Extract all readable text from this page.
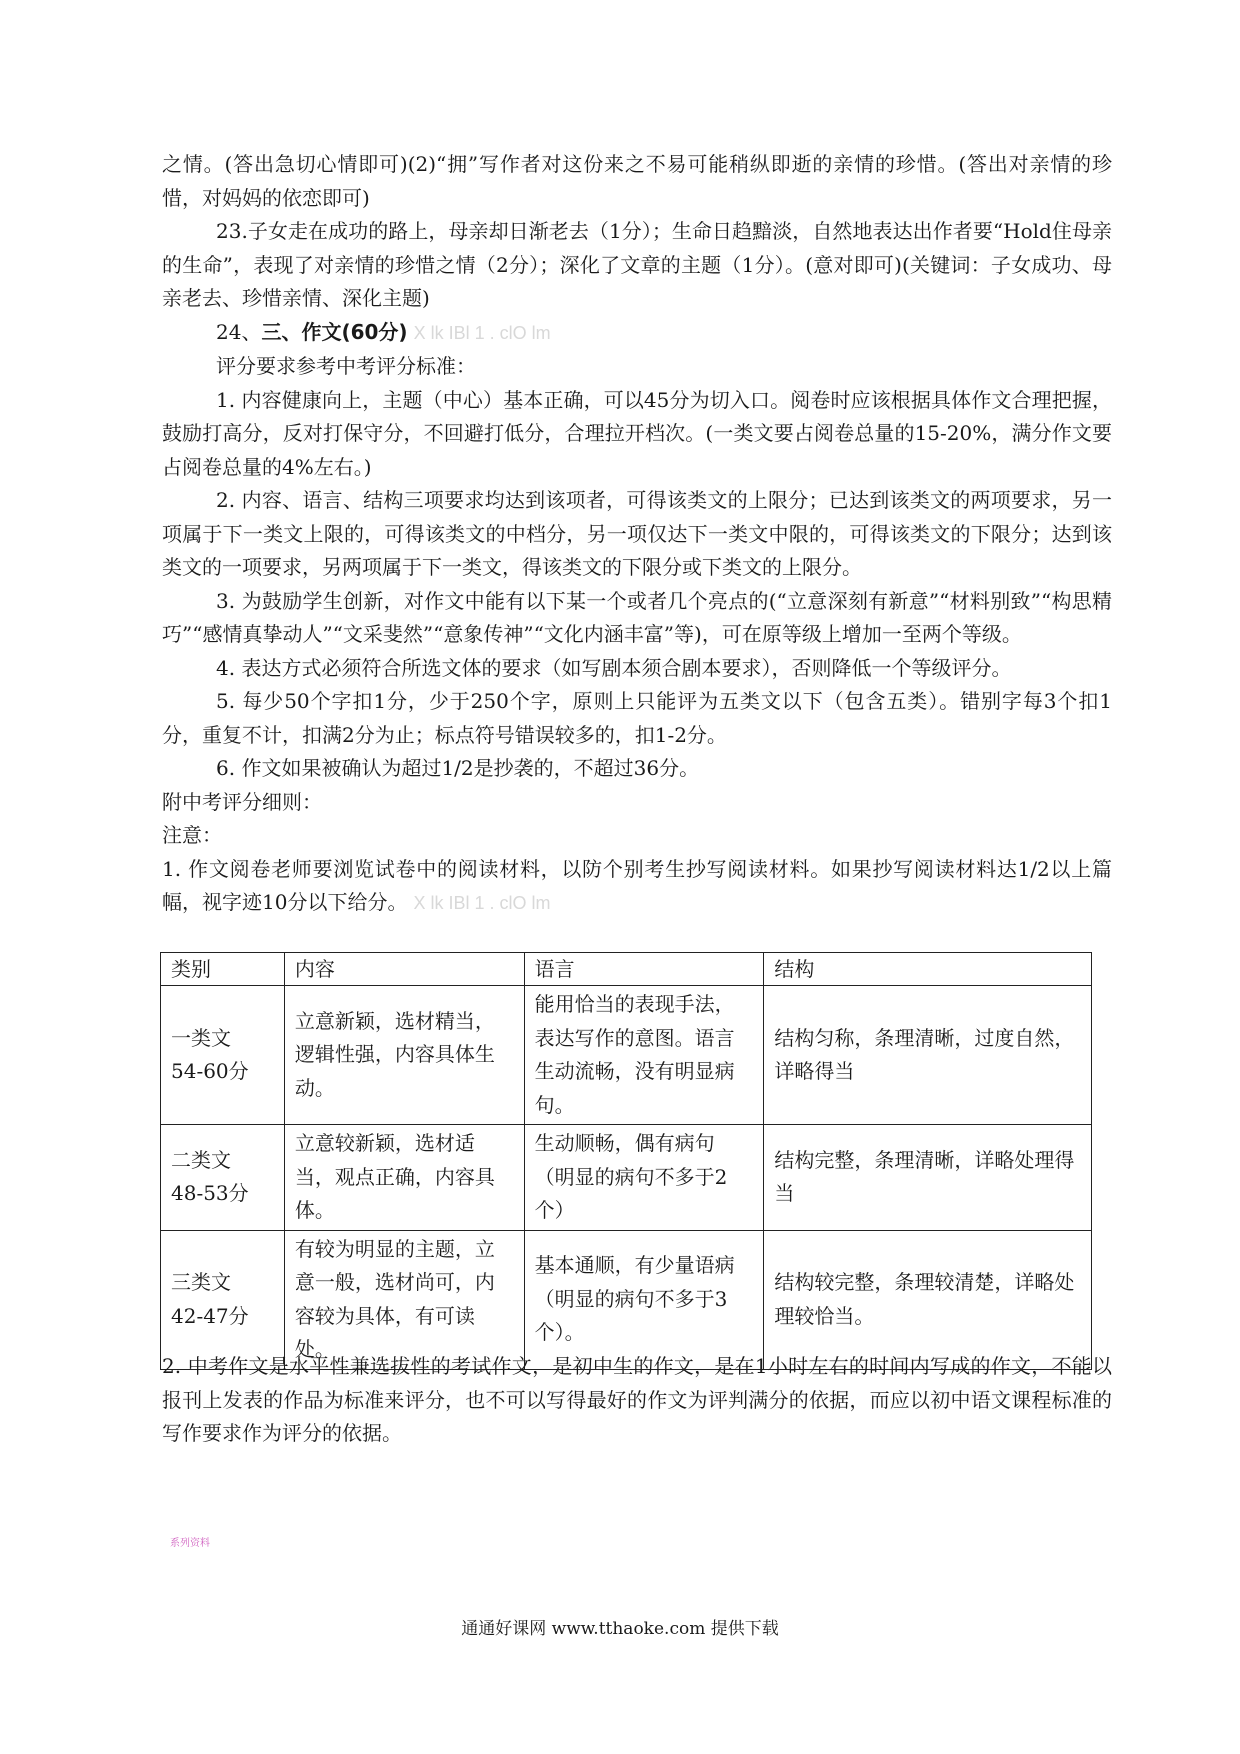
之情。(答出急切心情即可)(2)“拥”写作者对这份来之不易可能稍纵即逝的亲情的珍惜。(答出对亲情的珍惜，对妈妈的依恋即可)

23.子女走在成功的路上，母亲却日渐老去（1分）；生命日趋黯淡，自然地表达出作者要“Hold住母亲的生命”，表现了对亲情的珍惜之情（2分）；深化了文章的主题（1分）。(意对即可)(关键词：子女成功、母亲老去、珍惜亲情、深化主题)

24、三、作文(60分) X lk IBl 1 . clO lm

评分要求参考中考评分标准：

1. 内容健康向上，主题（中心）基本正确，可以45分为切入口。阅卷时应该根据具体作文合理把握，鼓励打高分，反对打保守分，不回避打低分，合理拉开档次。(一类文要占阅卷总量的15-20%，满分作文要占阅卷总量的4%左右。)

2. 内容、语言、结构三项要求均达到该项者，可得该类文的上限分；已达到该类文的两项要求，另一项属于下一类文上限的，可得该类文的中档分，另一项仅达下一类文中限的，可得该类文的下限分；达到该类文的一项要求，另两项属于下一类文，得该类文的下限分或下类文的上限分。

3. 为鼓励学生创新，对作文中能有以下某一个或者几个亮点的(“立意深刻有新意”“材料别致”“构思精巧”“感情真挚动人”“文采斐然”“意象传神”“文化内涵丰富”等)，可在原等级上增加一至两个等级。

4. 表达方式必须符合所选文体的要求（如写剧本须合剧本要求），否则降低一个等级评分。

5. 每少50个字扣1分，少于250个字，原则上只能评为五类文以下（包含五类）。错别字每3个扣1分，重复不计，扣满2分为止；标点符号错误较多的，扣1-2分。

6. 作文如果被确认为超过1/2是抄袭的，不超过36分。

附中考评分细则：

注意：

1. 作文阅卷老师要浏览试卷中的阅读材料，以防个别考生抄写阅读材料。如果抄写阅读材料达1/2以上篇幅，视字迹10分以下给分。 X lk IBl 1 . clO lm

类别	内容	语言	结构

一类文
54-60分	立意新颖，选材精当，逻辑性强，内容具体生动。	能用恰当的表现手法，表达写作的意图。语言生动流畅，没有明显病句。	结构匀称，条理清晰，过度自然，详略得当

二类文
48-53分	立意较新颖，选材适当，观点正确，内容具体。	生动顺畅，偶有病句（明显的病句不多于2个）	结构完整，条理清晰，详略处理得当

三类文
42-47分	有较为明显的主题，立意一般，选材尚可，内容较为具体，有可读处。	基本通顺，有少量语病（明显的病句不多于3个）。	结构较完整，条理较清楚，详略处理较恰当。

2. 中考作文是水平性兼选拔性的考试作文，是初中生的作文，是在1小时左右的时间内写成的作文，不能以报刊上发表的作品为标准来评分，也不可以写得最好的作文为评判满分的依据，而应以初中语文课程标准的写作要求作为评分的依据。

系列资料
通通好课网 www.tthaoke.com 提供下载
